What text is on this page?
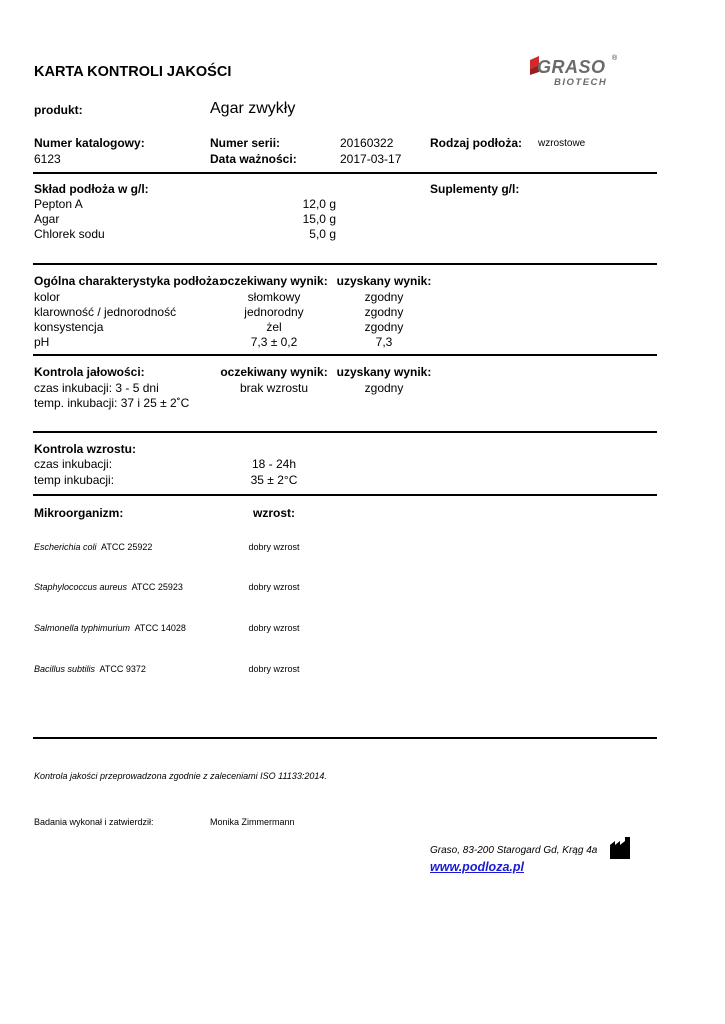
KARTA KONTROLI JAKOŚCI	GRASO ®
BIOTECH
produkt:	Agar zwykły
Numer katalogowy:
6123
Numer serii:	20160322
Data ważności:	2017-03-17
Rodzaj podłoża: wzrostowe
Skład podłoża w g/l:	Suplementy g/l:
Pepton A	12,0 g
Agar	15,0 g
Chlorek sodu	5,0 g
Ogólna charakterystyka podłoża:
oczekiwany wynik: uzyskany wynik:
kolor	słomkowy	zgodny
klarowność / jednorodność	jednorodny	zgodny
konsystencja	żel	zgodny
pH	7,3 ± 0,2	7,3
Kontrola jałowości:	oczekiwany wynik: uzyskany wynik:
czas inkubacji: 3 - 5 dni	brak wzrostu	zgodny
temp. inkubacji: 37 i 25 ± 2˚C
Kontrola wzrostu:
czas inkubacji:	18 - 24h
temp inkubacji:	35 ± 2°C
Mikroorganizm:	wzrost:
Escherichia coli ATCC 25922	dobry wzrost
Staphylococcus aureus ATCC 25923	dobry wzrost
Salmonella typhimurium ATCC 14028	dobry wzrost
Bacillus subtilis ATCC 9372	dobry wzrost
Kontrola jakości przeprowadzona zgodnie z zaleceniami ISO 11133:2014.
Badania wykonał i zatwierdził:	Monika Zimmermann
Graso, 83-200 Starogard Gd, Krąg 4a
www.podloza.pl
